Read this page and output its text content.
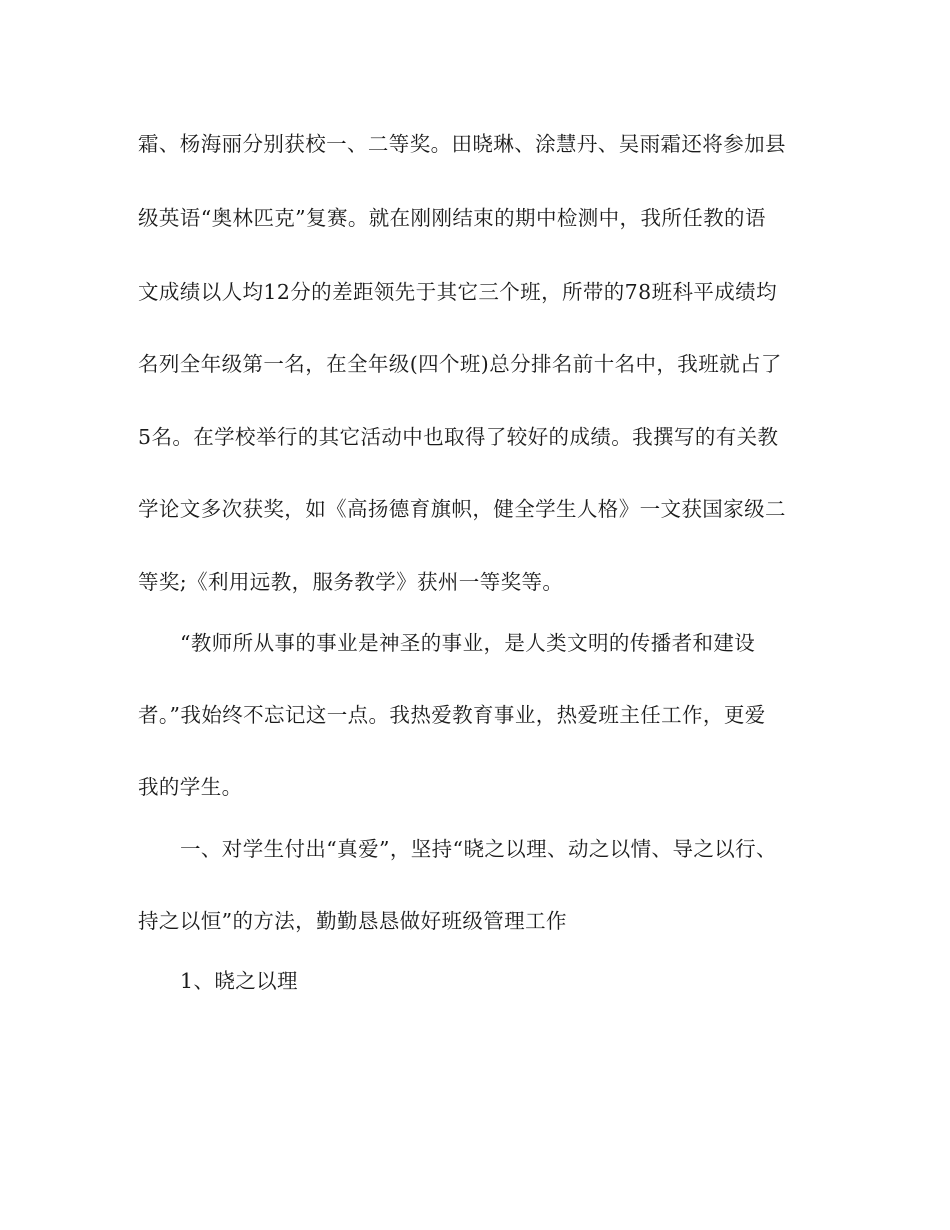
霜、杨海丽分别获校一、二等奖。田晓琳、涂慧丹、吴雨霜还将参加县

级英语“奥林匹克”复赛。就在刚刚结束的期中检测中，我所任教的语

文成绩以人均12分的差距领先于其它三个班，所带的78班科平成绩均

名列全年级第一名，在全年级(四个班)总分排名前十名中，我班就占了

5名。在学校举行的其它活动中也取得了较好的成绩。我撰写的有关教

学论文多次获奖，如《高扬德育旗帜，健全学生人格》一文获国家级二

等奖;《利用远教，服务教学》获州一等奖等。

“教师所从事的事业是神圣的事业，是人类文明的传播者和建设

者。”我始终不忘记这一点。我热爱教育事业，热爱班主任工作，更爱

我的学生。

一、对学生付出“真爱”，坚持“晓之以理、动之以情、导之以行、

持之以恒”的方法，勤勤恳恳做好班级管理工作

1、晓之以理
